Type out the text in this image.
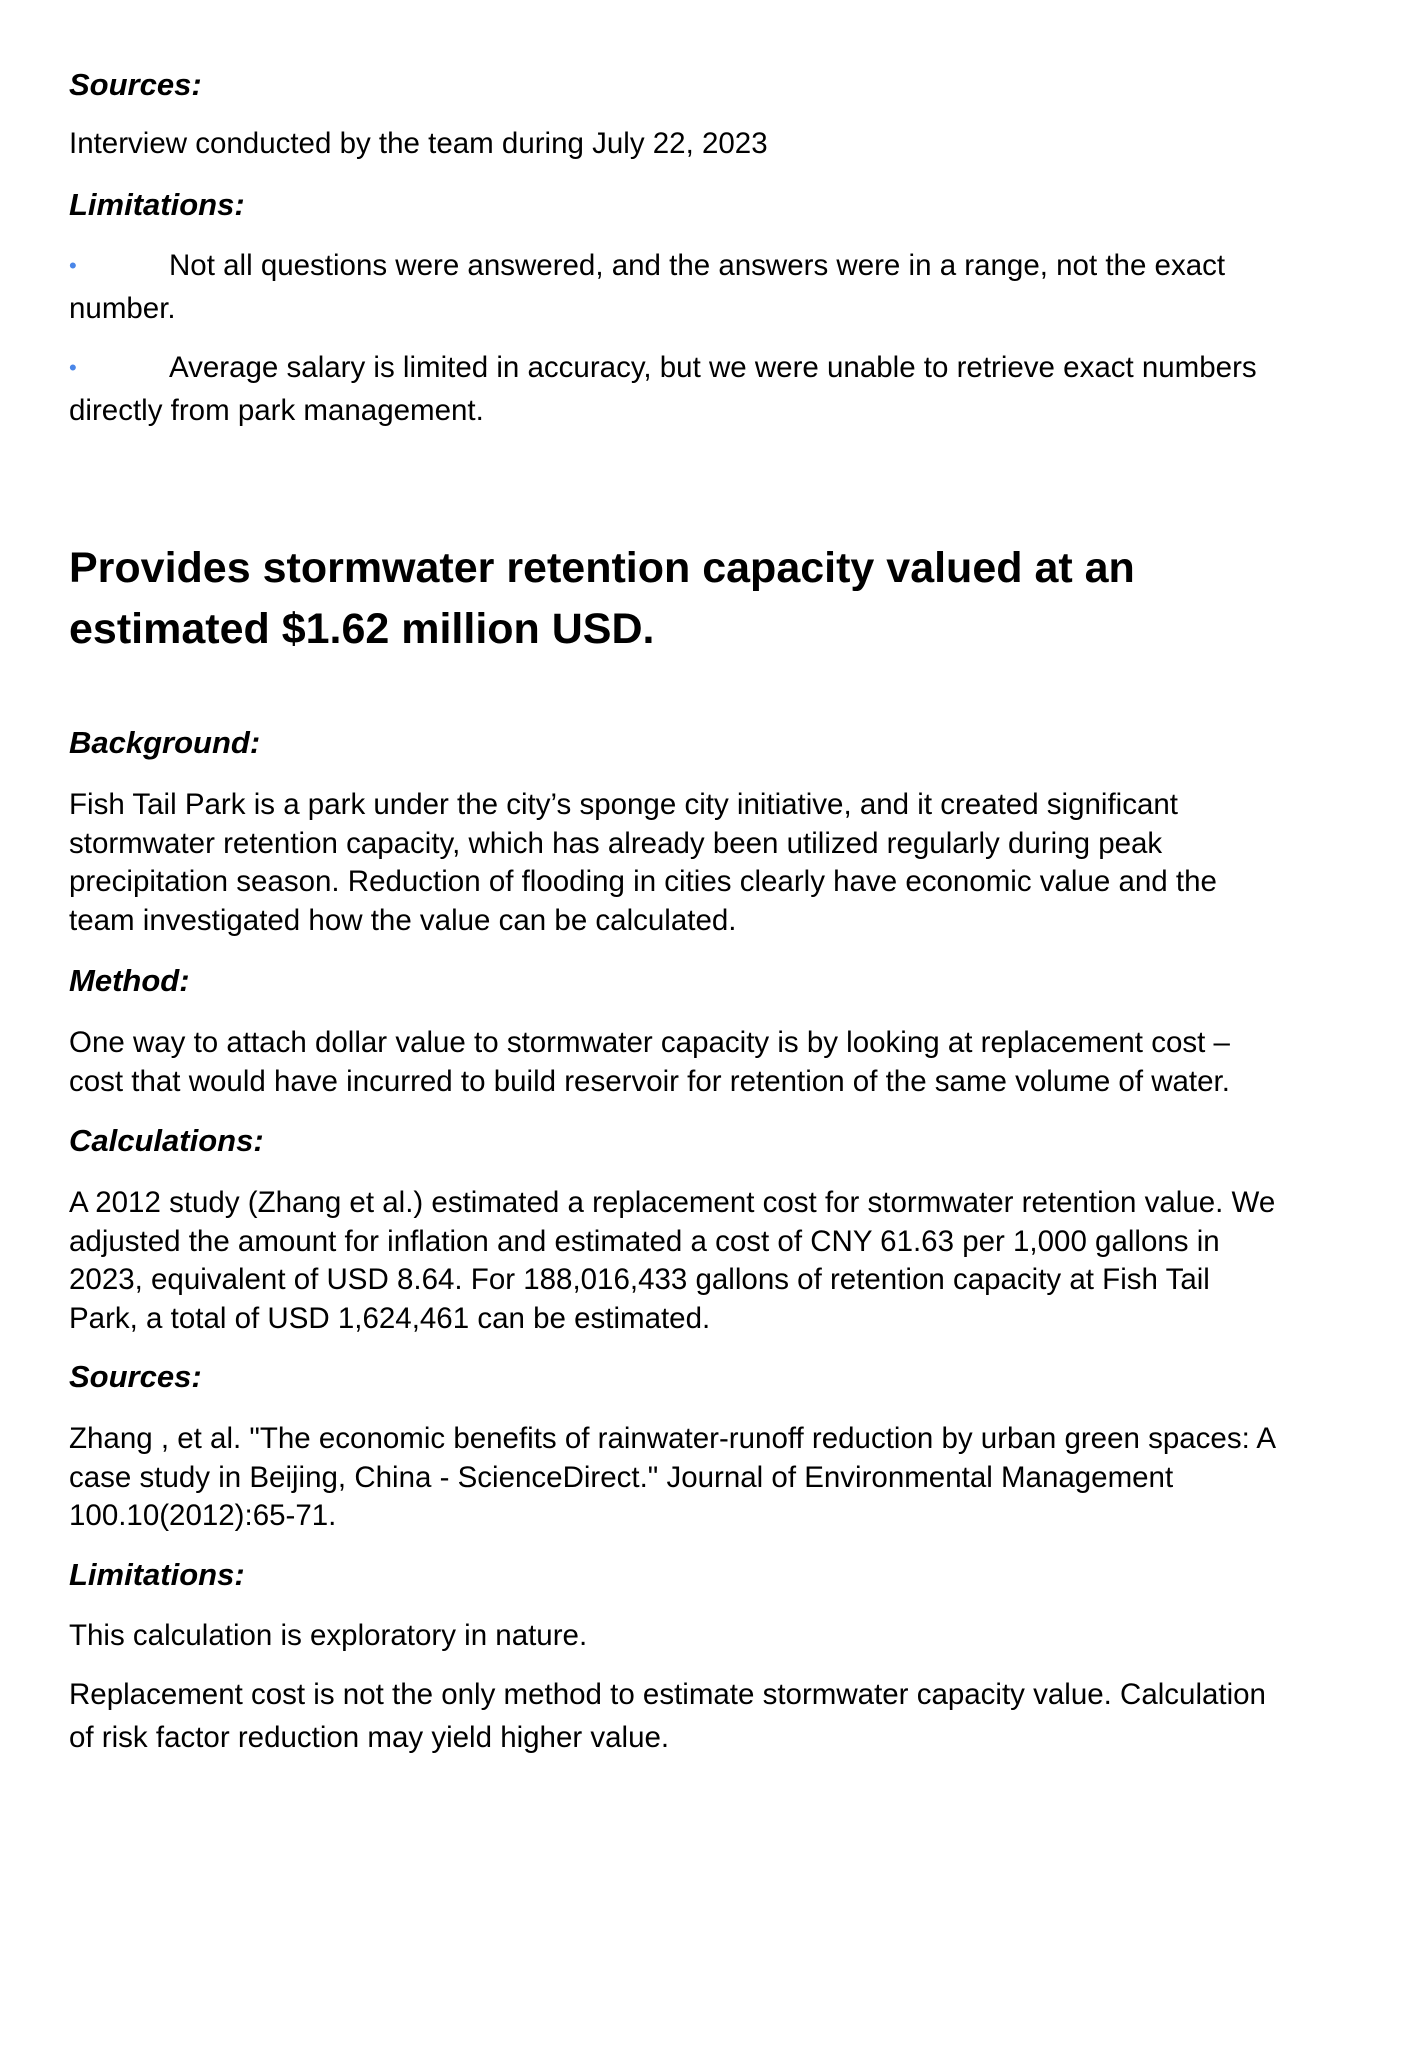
Sources:

Interview conducted by the team during July 22, 2023

Limitations:

•	Not all questions were answered, and the answers were in a range, not the exact
number.
•	Average salary is limited in accuracy, but we were unable to retrieve exact numbers
directly from park management.
Provides stormwater retention capacity valued at an
estimated $1.62 million USD.

Background:

Fish Tail Park is a park under the city’s sponge city initiative, and it created significant
stormwater retention capacity, which has already been utilized regularly during peak
precipitation season. Reduction of flooding in cities clearly have economic value and the
team investigated how the value can be calculated.

Method:

One way to attach dollar value to stormwater capacity is by looking at replacement cost –
cost that would have incurred to build reservoir for retention of the same volume of water.

Calculations:

A 2012 study (Zhang et al.) estimated a replacement cost for stormwater retention value. We
adjusted the amount for inflation and estimated a cost of CNY 61.63 per 1,000 gallons in
2023, equivalent of USD 8.64. For 188,016,433 gallons of retention capacity at Fish Tail
Park, a total of USD 1,624,461 can be estimated.

Sources:

Zhang , et al. "The economic benefits of rainwater-runoff reduction by urban green spaces: A
case study in Beijing, China - ScienceDirect." Journal of Environmental Management
100.10(2012):65-71.

Limitations:

This calculation is exploratory in nature.

Replacement cost is not the only method to estimate stormwater capacity value. Calculation
of risk factor reduction may yield higher value.
